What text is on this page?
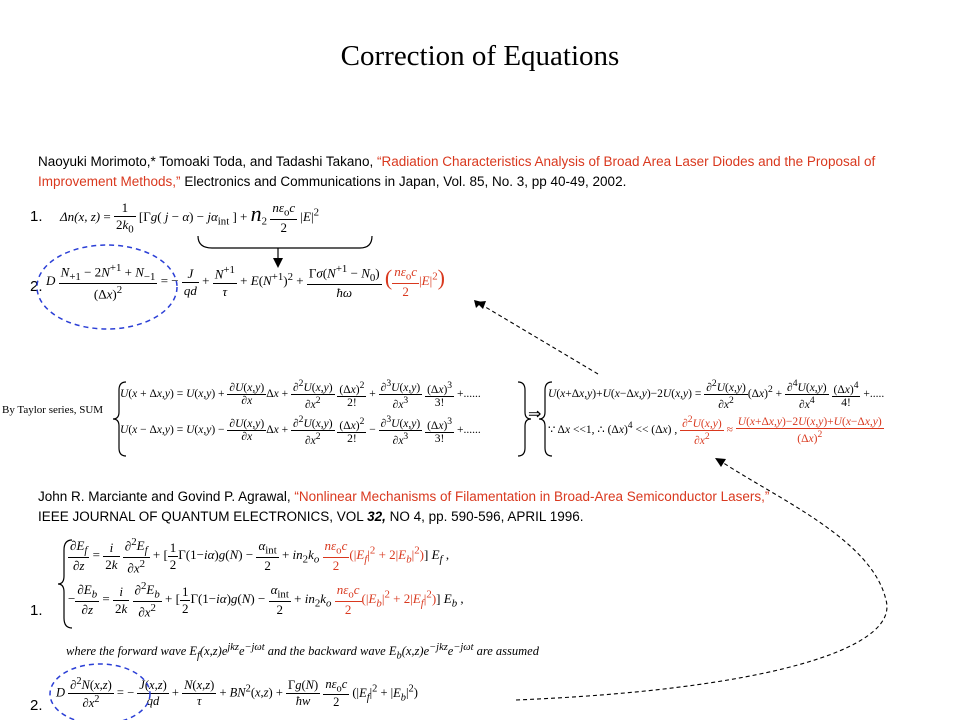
Correction of Equations
Naoyuki Morimoto,* Tomoaki Toda, and Tadashi Takano, “Radiation Characteristics Analysis of Broad Area Laser Diodes and the Proposal of Improvement Methods,” Electronics and Communications in Japan, Vol. 85, No. 3, pp 40-49, 2002.
1.
2.
Δn(x, $z) = \frac{1}{2k_0} [\Gamma g$( $j - \alpha) - j\alpha_{int}$ ] + $n_2 \frac{n\varepsilon_oc}{2} |E|^2$
D $\frac{N_{+1} - 2N^{+1} + N_{-1}}{(\Delta x)^2}$ = − $\frac{J}{qd} + \frac{N^{+1}}{\tau} + E(N^{+1})^2 + \frac{\Gamma\sigma(N^{+1} - N_0)}{ħ\omega}$ ( $\frac{n\varepsilon_oc}{2} |E|^2$)
By Taylor series, SUM
$U(x + \Delta x,y) = U(x,y) + \frac{\partial U(x,y)}{\partial x}$ $\Delta x + \frac{\partial^2U(x,y)}{\partial x^2}$
$\frac{(\Delta x)^2}{2!} + \frac{\partial^3U(x,y)}{\partial x^3}$
$\frac{(\Delta x)^3}{3!}$ +......
$U(x - \Delta x,y) = U(x,y) - \frac{\partial U(x,y)}{\partial x}$ $\Delta x + \frac{\partial^2U(x,y)}{\partial x^2}$
$\frac{(\Delta x)^2}{2!} - \frac{\partial^3U(x,y)}{\partial x^3}$
$\frac{(\Delta x)^3}{3!}$ +......
⇒
$U(x+\Delta x,y)+U(x-\Delta x,y)-2U(x,y) = \frac{\partial^2U(x,y)}{\partial x^2} (\Delta x)^2 + \frac{\partial^4U(x,y)}{\partial x^4}$
$\frac{(\Delta x)^4}{4!}$ +.....
∵ Δx <<1, ∴ $(\Delta x)^4 << (\Delta x)$ , $\frac{\partial^2U(x,y)}{\partial x^2} \approx \frac{U(x+\Delta x,y)-2U(x,y)+U(x-\Delta x,y)}{(\Delta x)^2}$
John R. Marciante and Govind P. Agrawal, “Nonlinear Mechanisms of Filamentation in Broad-Area Semiconductor Lasers,”
IEEE JOURNAL OF QUANTUM ELECTRONICS, VOL 32, NO 4, pp. 590-596, APRIL 1996.
1.
2.
$\frac{\partial E_f}{\partial z} = \frac{i}{2k}$
$\frac{\partial^2E_f}{\partial x^2}$ + [ $\frac{1}{2} \Gamma(1-i\alpha)g(N) - \frac{\alpha_{int}}{2} + in_2k_o \frac{n\varepsilon_oc}{2} (|E_f|^2 + 2|E_b|^2)$] $E_f$ ,
− $\frac{\partial E_b}{\partial z} = \frac{i}{2k}$
$\frac{\partial^2E_b}{\partial x^2}$ + [ $\frac{1}{2} \Gamma(1-i\alpha)g(N) - \frac{\alpha_{int}}{2} + in_2k_o \frac{n\varepsilon_oc}{2} (|E_b|^2 + 2|E_f|^2)$] $E_b$ ,
where the forward wave $E_f(x,z)e^{jkz}e^{-j\omega t}$ and the backward wave $E_b(x,z)e^{-jkz}e^{-j\omega t}$ are assumed
D $\frac{\partial^2N(x,z)}{\partial x^2}$ = − $\frac{J(x,z)}{qd} + \frac{N(x,z)}{\tau} + BN^2(x,z) + \frac{\Gamma g(N)}{ħw}$
$\frac{n\varepsilon_oc}{2} (|E_f|^2 + |E_b|^2)$
